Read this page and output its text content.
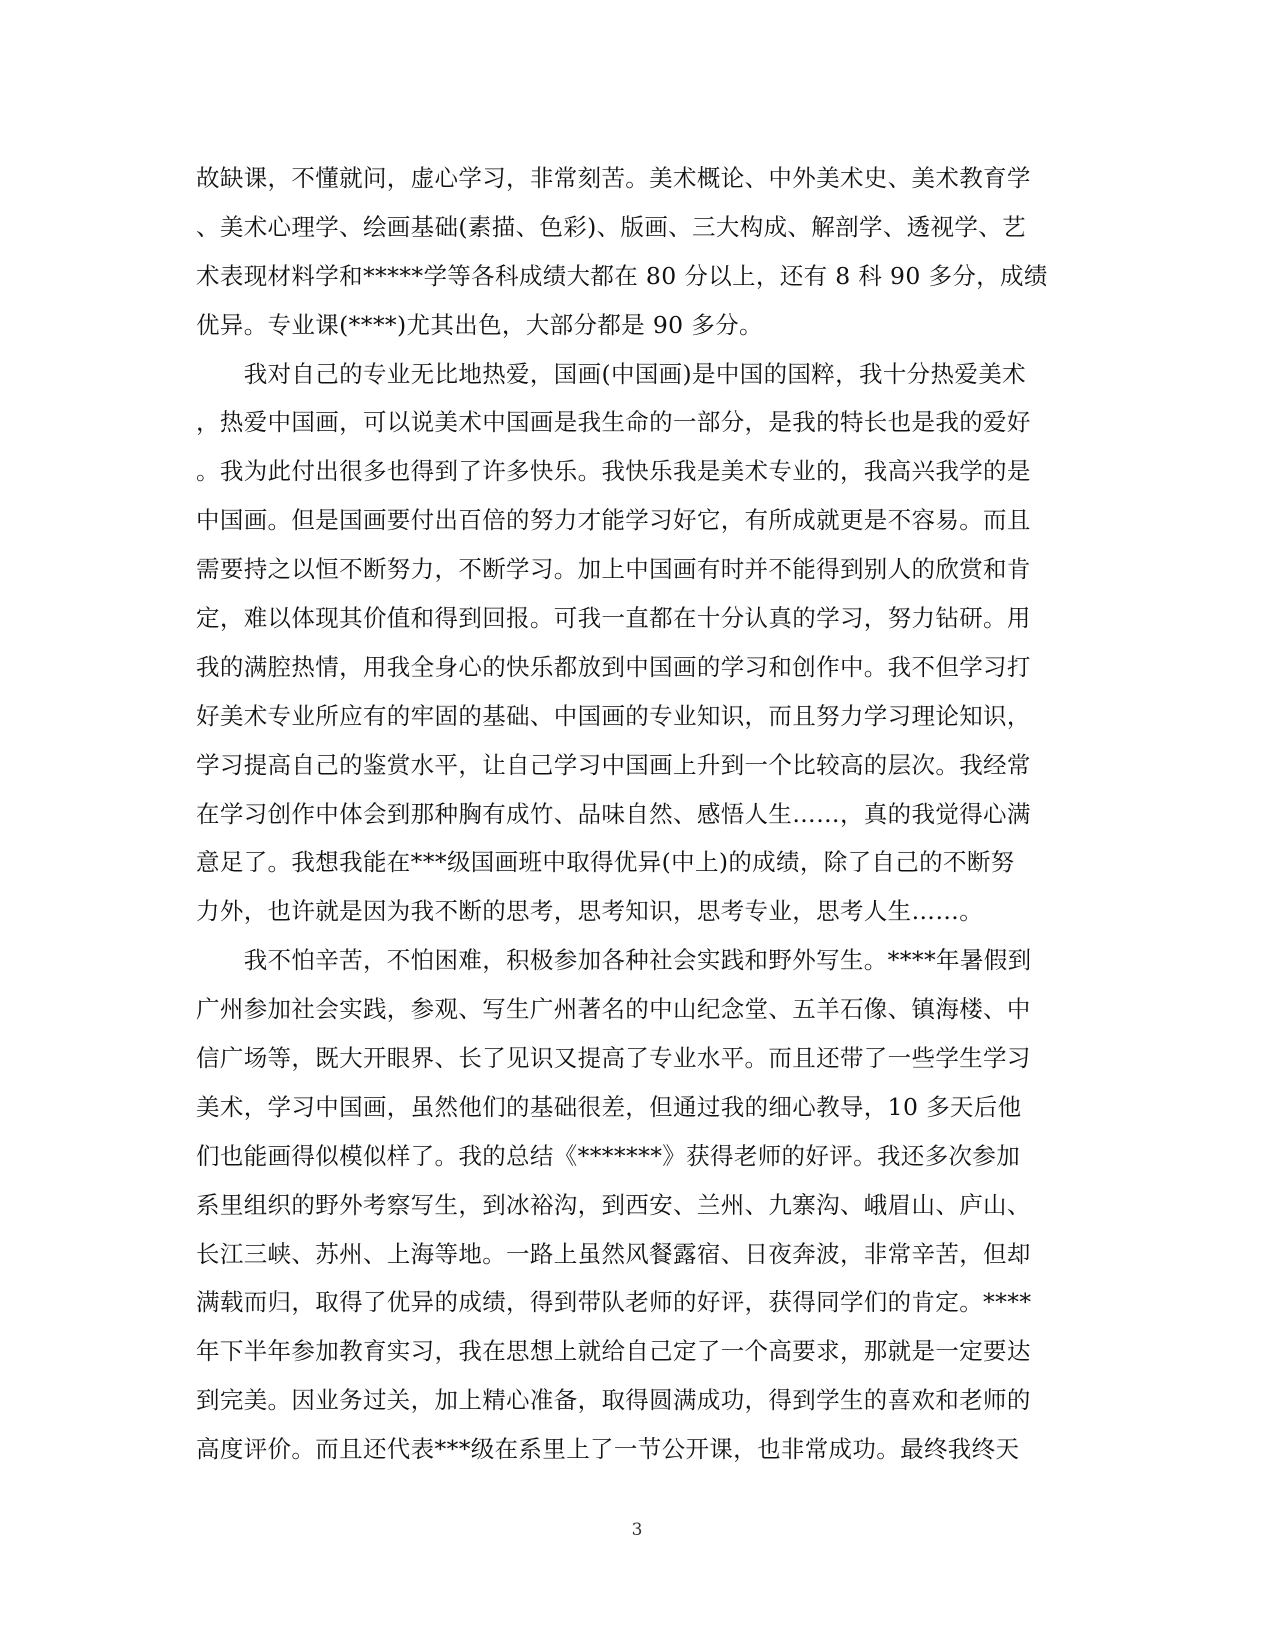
故缺课，不懂就问，虚心学习，非常刻苦。美术概论、中外美术史、美术教育学
、美术心理学、绘画基础(素描、色彩)、版画、三大构成、解剖学、透视学、艺
术表现材料学和*****学等各科成绩大都在 80 分以上，还有 8 科 90 多分，成绩
优异。专业课(****)尤其出色，大部分都是 90 多分。
　　我对自己的专业无比地热爱，国画(中国画)是中国的国粹，我十分热爱美术
，热爱中国画，可以说美术中国画是我生命的一部分，是我的特长也是我的爱好
。我为此付出很多也得到了许多快乐。我快乐我是美术专业的，我高兴我学的是
中国画。但是国画要付出百倍的努力才能学习好它，有所成就更是不容易。而且
需要持之以恒不断努力，不断学习。加上中国画有时并不能得到别人的欣赏和肯
定，难以体现其价值和得到回报。可我一直都在十分认真的学习，努力钻研。用
我的满腔热情，用我全身心的快乐都放到中国画的学习和创作中。我不但学习打
好美术专业所应有的牢固的基础、中国画的专业知识，而且努力学习理论知识，
学习提高自己的鉴赏水平，让自己学习中国画上升到一个比较高的层次。我经常
在学习创作中体会到那种胸有成竹、品味自然、感悟人生……，真的我觉得心满
意足了。我想我能在***级国画班中取得优异(中上)的成绩，除了自己的不断努
力外，也许就是因为我不断的思考，思考知识，思考专业，思考人生……。
　　我不怕辛苦，不怕困难，积极参加各种社会实践和野外写生。****年暑假到
广州参加社会实践，参观、写生广州著名的中山纪念堂、五羊石像、镇海楼、中
信广场等，既大开眼界、长了见识又提高了专业水平。而且还带了一些学生学习
美术，学习中国画，虽然他们的基础很差，但通过我的细心教导，10 多天后他
们也能画得似模似样了。我的总结《*******》获得老师的好评。我还多次参加
系里组织的野外考察写生，到冰裕沟，到西安、兰州、九寨沟、峨眉山、庐山、
长江三峡、苏州、上海等地。一路上虽然风餐露宿、日夜奔波，非常辛苦，但却
满载而归，取得了优异的成绩，得到带队老师的好评，获得同学们的肯定。****
年下半年参加教育实习，我在思想上就给自己定了一个高要求，那就是一定要达
到完美。因业务过关，加上精心准备，取得圆满成功，得到学生的喜欢和老师的
高度评价。而且还代表***级在系里上了一节公开课，也非常成功。最终我终天
3
